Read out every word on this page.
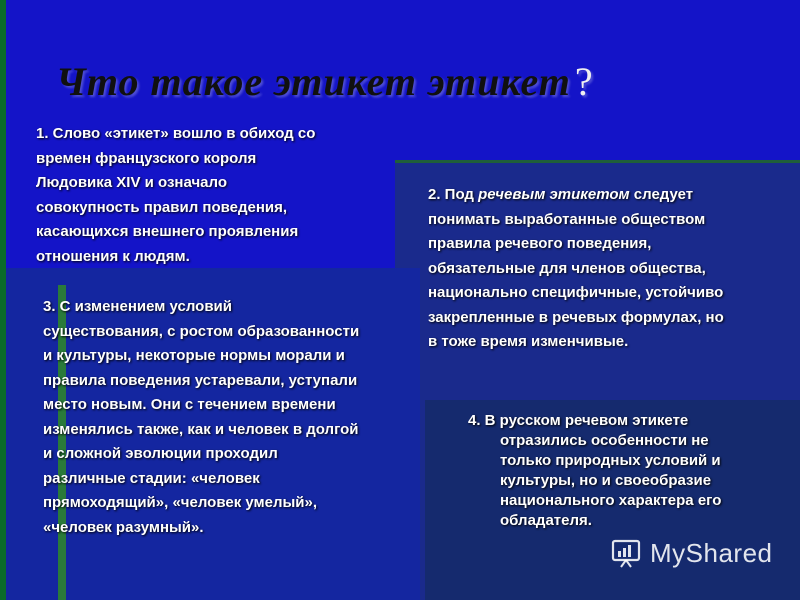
Что такое этикет этикет ?
1. Слово «этикет» вошло в обиход со
времен французского короля
Людовика XIV и означало
совокупность правил поведения,
касающихся внешнего проявления
отношения к людям.
2. Под речевым этикетом следует
понимать выработанные обществом
правила речевого поведения,
обязательные для членов общества,
национально специфичные, устойчиво
закрепленные в речевых формулах, но
в тоже время изменчивые.
3. С изменением условий
существования, с ростом образованности
и культуры, некоторые нормы морали и
правила поведения устаревали, уступали
место новым. Они с течением времени
изменялись также, как и человек в долгой
и сложной эволюции проходил
различные стадии: «человек
прямоходящий», «человек умелый»,
«человек разумный».
4. В русском речевом этикете
отразились особенности не
только природных условий и
культуры, но и своеобразие
национального характера его
обладателя.
MyShared
